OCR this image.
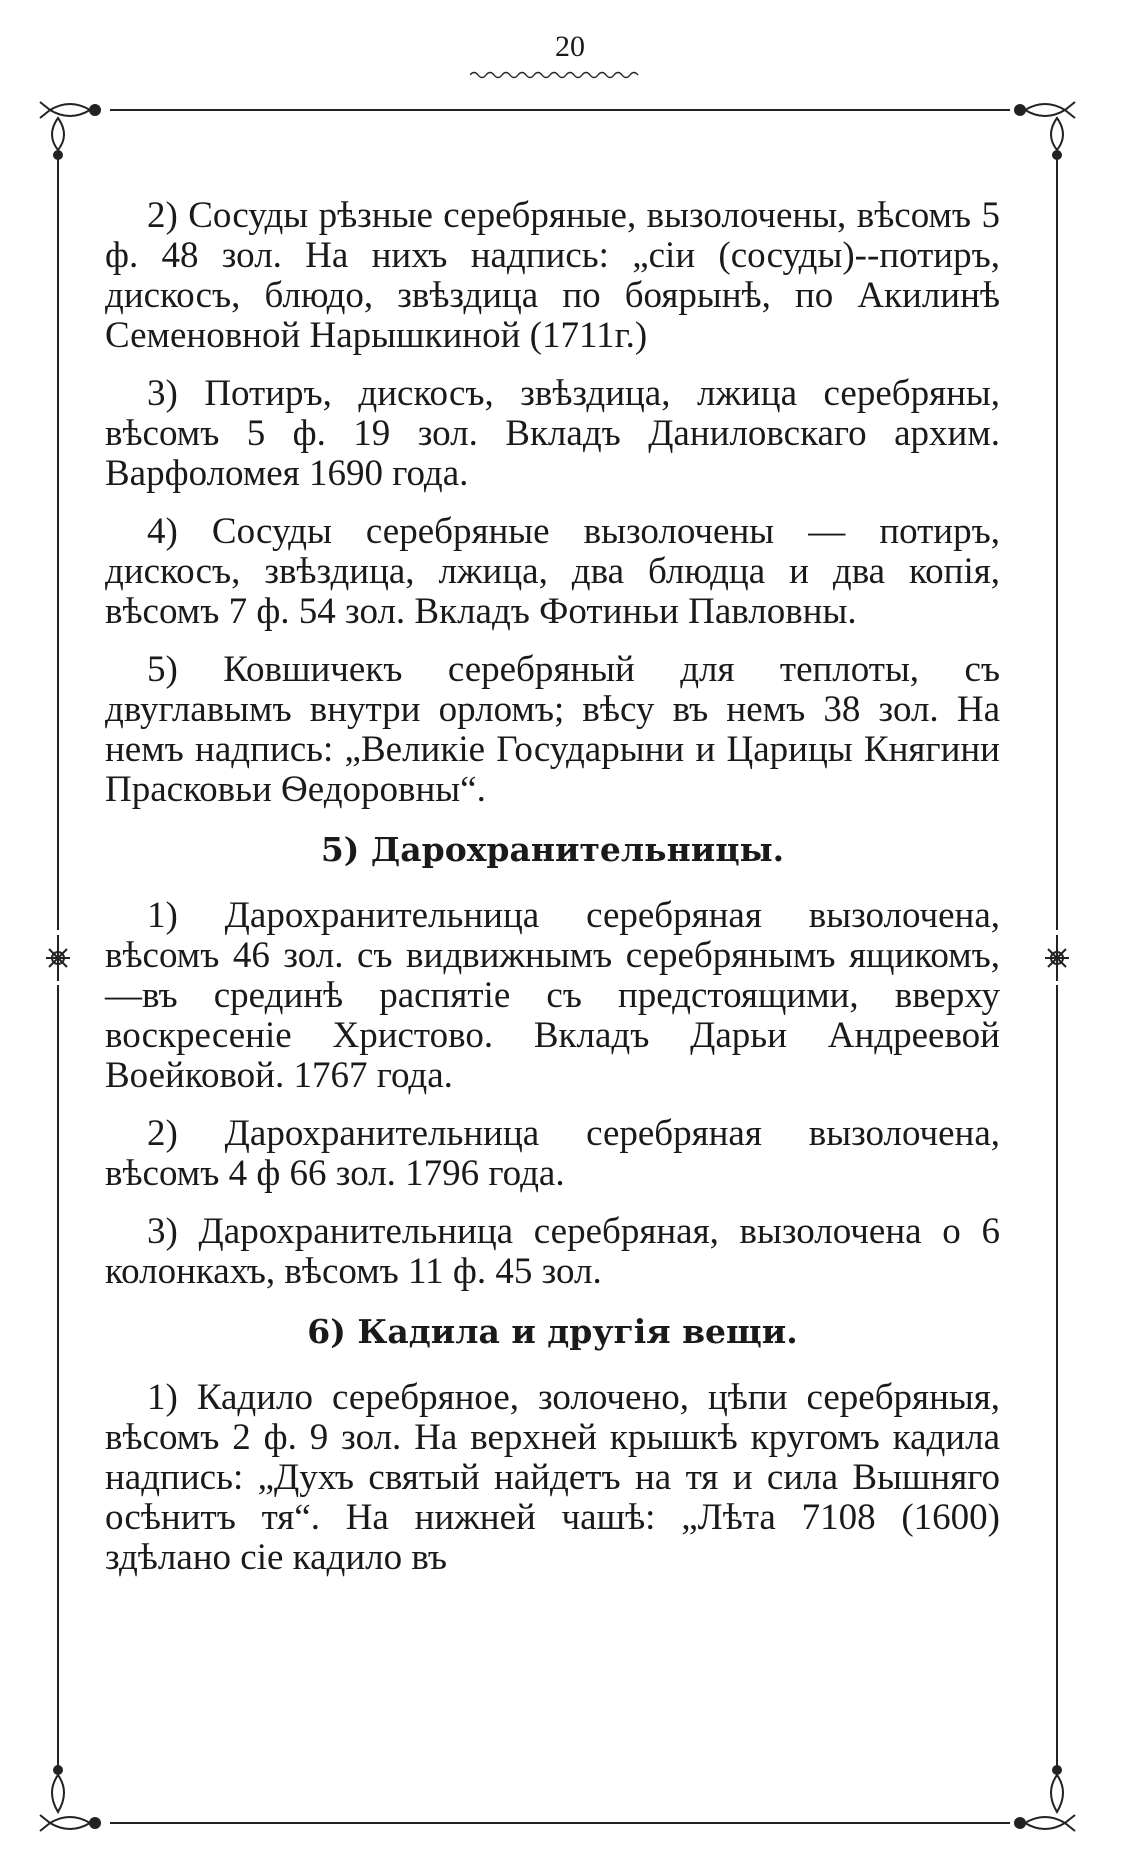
20

2) Сосуды рѣзные серебряные, вызолочены, вѣсомъ 5 ф. 48 зол. На нихъ надпись: „сіи (сосуды)--потиръ, дискосъ, блюдо, звѣздица по боярынѣ, по Акилинѣ Семеновной Нарышкиной (1711г.)

3) Потиръ, дискосъ, звѣздица, лжица серебряны, вѣсомъ 5 ф. 19 зол. Вкладъ Даниловскаго архим. Варфоломея 1690 года.

4) Сосуды серебряные вызолочены — потиръ, дискосъ, звѣздица, лжица, два блюдца и два копія, вѣсомъ 7 ф. 54 зол. Вкладъ Фотиньи Павловны.

5) Ковшичекъ серебряный для теплоты, съ двуглавымъ внутри орломъ; вѣсу въ немъ 38 зол. На немъ надпись: „Великіе Государыни и Царицы Княгини Прасковьи Ѳедоровны“.

5) Дарохранительницы.

1) Дарохранительница серебряная вызолочена, вѣсомъ 46 зол. съ видвижнымъ серебрянымъ ящикомъ,—въ срединѣ распятіе съ предстоящими, вверху воскресеніе Христово. Вкладъ Дарьи Андреевой Воейковой. 1767 года.

2) Дарохранительница серебряная вызолочена, вѣсомъ 4 ф 66 зол. 1796 года.

3) Дарохранительница серебряная, вызолочена о 6 колонкахъ, вѣсомъ 11 ф. 45 зол.

6) Кадила и другія вещи.

1) Кадило серебряное, золочено, цѣпи серебряныя, вѣсомъ 2 ф. 9 зол. На верхней крышкѣ кругомъ кадила надпись: „Духъ святый найдетъ на тя и сила Вышняго осѣнитъ тя“. На нижней чашѣ: „Лѣта 7108 (1600) здѣлано сіе кадило въ
